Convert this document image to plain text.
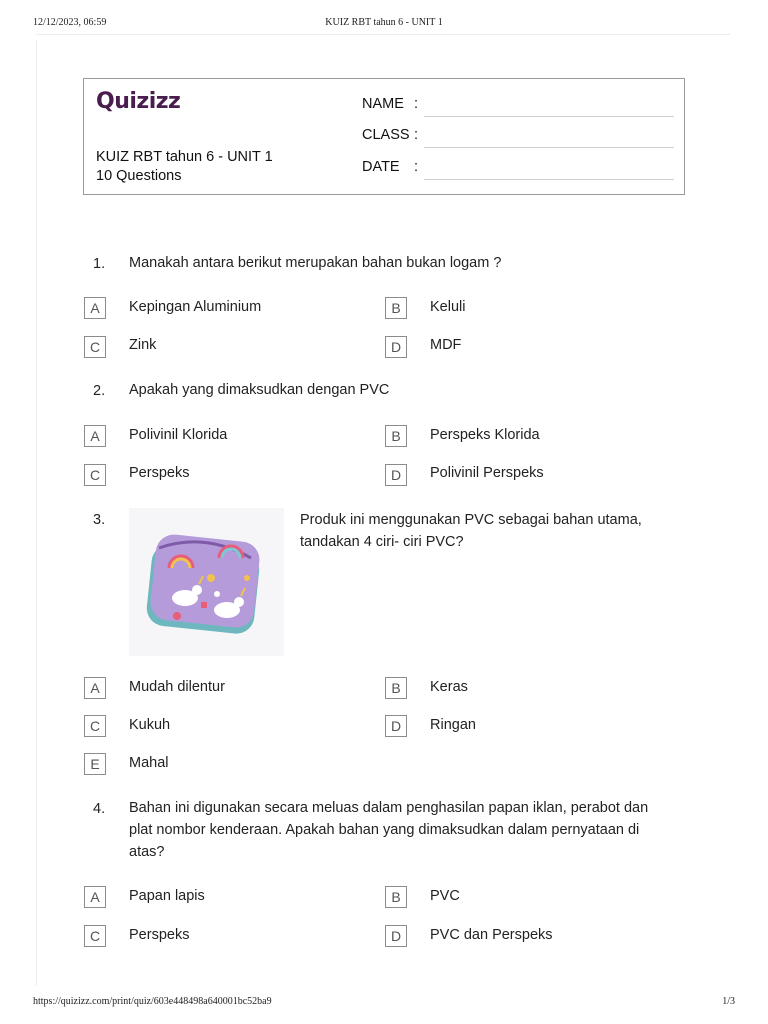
12/12/2023, 06:59	KUIZ RBT tahun 6 - UNIT 1
Quizizz
KUIZ RBT tahun 6 - UNIT 1
10 Questions
NAME :
CLASS :
DATE :
1. Manakah antara berikut merupakan bahan bukan logam ?
A	Kepingan Aluminium	B	Keluli
C	Zink	D	MDF
2. Apakah yang dimaksudkan dengan PVC
A	Polivinil Klorida	B	Perspeks Klorida
C	Perspeks	D	Polivinil Perspeks
3.	Produk ini menggunakan PVC sebagai bahan utama,
tandakan 4 ciri- ciri PVC?
A	Mudah dilentur	B	Keras
C	Kukuh	D	Ringan
E	Mahal
4. Bahan ini digunakan secara meluas dalam penghasilan papan iklan, perabot dan
plat nombor kenderaan. Apakah bahan yang dimaksudkan dalam pernyataan di
atas?
A	Papan lapis	B	PVC
C	Perspeks	D	PVC dan Perspeks
https://quizizz.com/print/quiz/603e448498a640001bc52ba9	1/3
